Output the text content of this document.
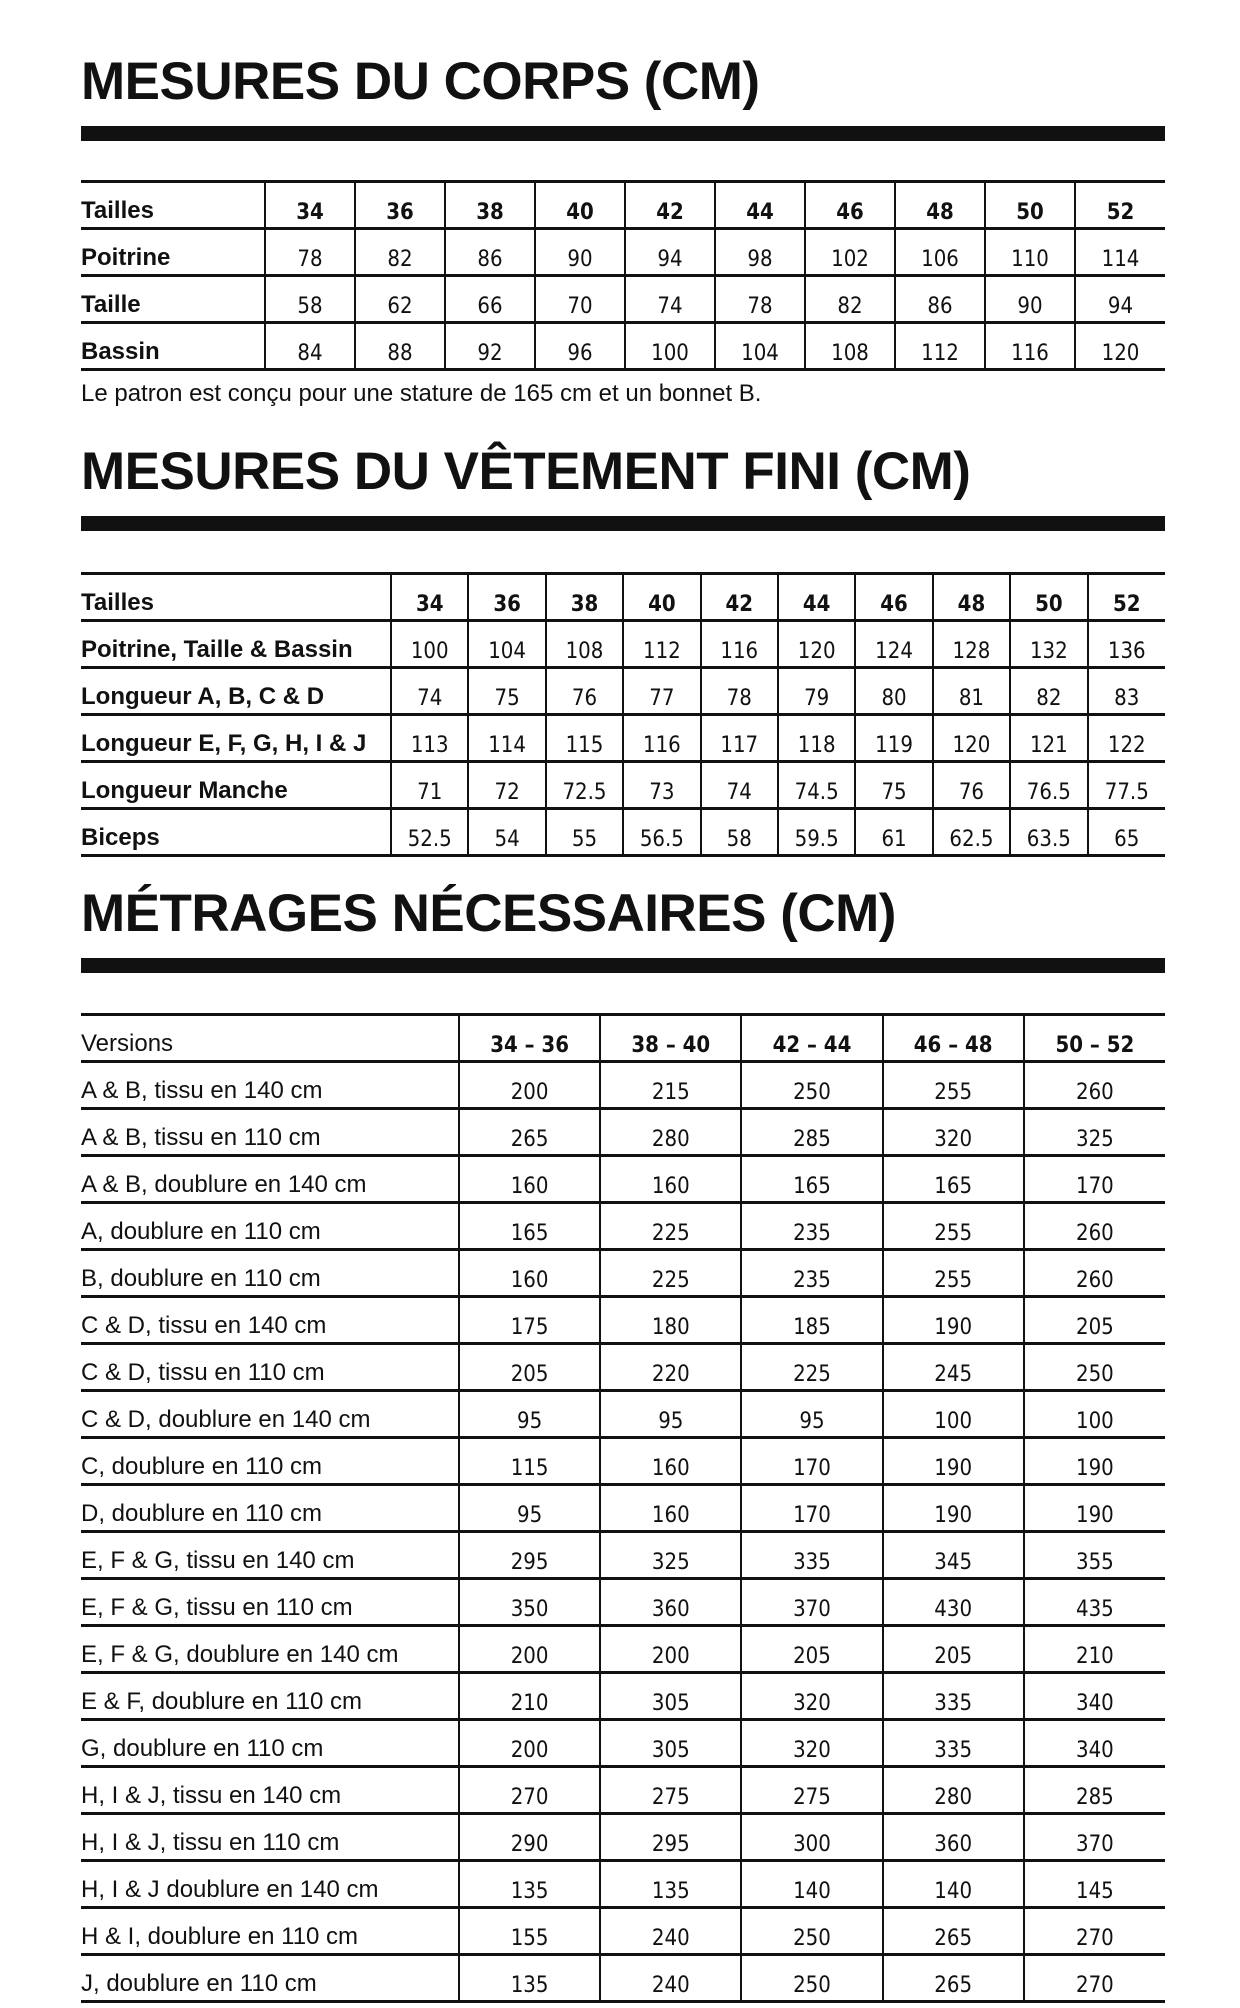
MESURES DU CORPS (CM)
Tailles	34	36	38	40	42	44	46	48	50	52
Poitrine	78	82	86	90	94	98	102	106	110	114
Taille	58	62	66	70	74	78	82	86	90	94
Bassin	84	88	92	96	100	104	108	112	116	120

Le patron est conçu pour une stature de 165 cm et un bonnet B.

MESURES DU VÊTEMENT FINI (CM)
Tailles	34	36	38	40	42	44	46	48	50	52
Poitrine, Taille & Bassin	100	104	108	112	116	120	124	128	132	136
Longueur A, B, C & D	74	75	76	77	78	79	80	81	82	83
Longueur E, F, G, H, I & J	113	114	115	116	117	118	119	120	121	122
Longueur Manche	71	72	72.5	73	74	74.5	75	76	76.5	77.5
Biceps	52.5	54	55	56.5	58	59.5	61	62.5	63.5	65
MÉTRAGES NÉCESSAIRES (CM)
Versions	34 – 36	38 – 40	42 – 44	46 – 48	50 – 52
A & B, tissu en 140 cm	200	215	250	255	260
A & B, tissu en 110 cm	265	280	285	320	325
A & B, doublure en 140 cm	160	160	165	165	170
A, doublure en 110 cm	165	225	235	255	260
B, doublure en 110 cm	160	225	235	255	260
C & D, tissu en 140 cm	175	180	185	190	205
C & D, tissu en 110 cm	205	220	225	245	250
C & D, doublure en 140 cm	95	95	95	100	100
C, doublure en 110 cm	115	160	170	190	190
D, doublure en 110 cm	95	160	170	190	190
E, F & G, tissu en 140 cm	295	325	335	345	355
E, F & G, tissu en 110 cm	350	360	370	430	435
E, F & G, doublure en 140 cm	200	200	205	205	210
E & F, doublure en 110 cm	210	305	320	335	340
G, doublure en 110 cm	200	305	320	335	340
H, I & J, tissu en 140 cm	270	275	275	280	285
H, I & J, tissu en 110 cm	290	295	300	360	370
H, I & J doublure en 140 cm	135	135	140	140	145
H & I, doublure en 110 cm	155	240	250	265	270
J, doublure en 110 cm	135	240	250	265	270
